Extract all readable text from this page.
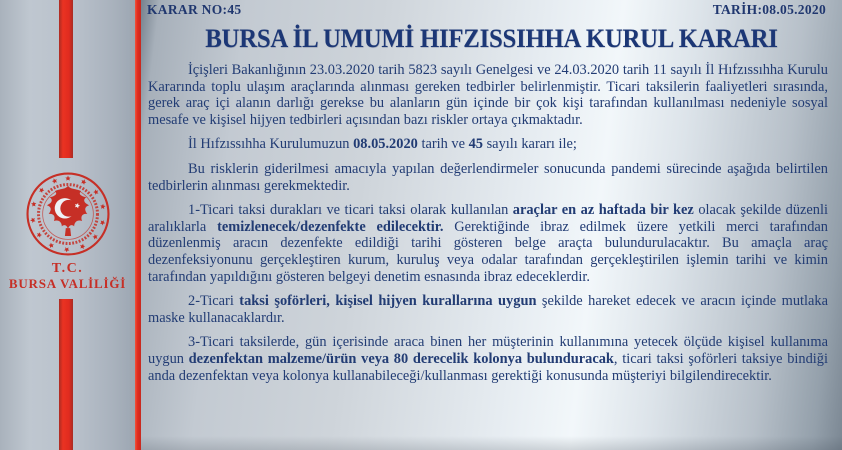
T.C.
BURSA VALİLİĞİ
KARAR NO:45	TARİH:08.05.2020
BURSA İL UMUMİ HIFZISSIHHA KURUL KARARI

İçişleri Bakanlığının 23.03.2020 tarih 5823 sayılı Genelgesi ve 24.03.2020 tarih 11 sayılı İl Hıfzıssıhha Kurulu Kararında toplu ulaşım araçlarında alınması gereken tedbirler belirlenmiştir. Ticari taksilerin faaliyetleri sırasında, gerek araç içi alanın darlığı gerekse bu alanların gün içinde bir çok kişi tarafından kullanılması nedeniyle sosyal mesafe ve kişisel hijyen tedbirleri açısından bazı riskler ortaya çıkmaktadır.

İl Hıfzıssıhha Kurulumuzun 08.05.2020 tarih ve 45 sayılı kararı ile;

Bu risklerin giderilmesi amacıyla yapılan değerlendirmeler sonucunda pandemi sürecinde aşağıda belirtilen tedbirlerin alınması gerekmektedir.

1-Ticari taksi durakları ve ticari taksi olarak kullanılan araçlar en az haftada bir kez olacak şekilde düzenli aralıklarla temizlenecek/dezenfekte edilecektir. Gerektiğinde ibraz edilmek üzere yetkili merci tarafından düzenlenmiş aracın dezenfekte edildiği tarihi gösteren belge araçta bulundurulacaktır. Bu amaçla araç dezenfeksiyonunu gerçekleştiren kurum, kuruluş veya odalar tarafından gerçekleştirilen işlemin tarihi ve kimin tarafından yapıldığını gösteren belgeyi denetim esnasında ibraz edeceklerdir.

2-Ticari taksi şoförleri, kişisel hijyen kurallarına uygun şekilde hareket edecek ve aracın içinde mutlaka maske kullanacaklardır.

3-Ticari taksilerde, gün içerisinde araca binen her müşterinin kullanımına yetecek ölçüde kişisel kullanıma uygun dezenfektan malzeme/ürün veya 80 derecelik kolonya bulunduracak, ticari taksi şoförleri taksiye bindiği anda dezenfektan veya kolonya kullanabileceği/kullanması gerektiği konusunda müşteriyi bilgilendirecektir.
